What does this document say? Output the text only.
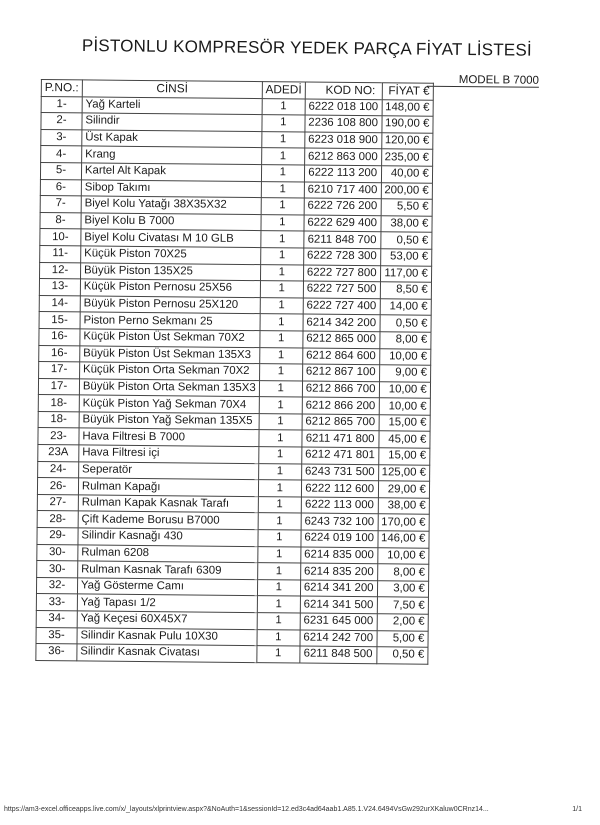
PİSTONLU KOMPRESÖR YEDEK PARÇA FİYAT LİSTESİ
MODEL B 7000
P.NO.:	CİNSİ	ADEDİ	KOD NO:	FİYAT €
1-	Yağ Karteli	1	6222 018 100	148,00 €
2-	Silindir	1	2236 108 800	190,00 €
3-	Üst Kapak	1	6223 018 900	120,00 €
4-	Krang	1	6212 863 000	235,00 €
5-	Kartel Alt Kapak	1	6222 113 200	40,00 €
6-	Sibop Takımı	1	6210 717 400	200,00 €
7-	Biyel Kolu Yatağı 38X35X32	1	6222 726 200	5,50 €
8-	Biyel Kolu B 7000	1	6222 629 400	38,00 €
10-	Biyel Kolu Civatası M 10 GLB	1	6211 848 700	0,50 €
11-	Küçük Piston 70X25	1	6222 728 300	53,00 €
12-	Büyük Piston 135X25	1	6222 727 800	117,00 €
13-	Küçük Piston Pernosu 25X56	1	6222 727 500	8,50 €
14-	Büyük Piston Pernosu 25X120	1	6222 727 400	14,00 €
15-	Piston Perno Sekmanı 25	1	6214 342 200	0,50 €
16-	Küçük Piston Üst Sekman 70X2	1	6212 865 000	8,00 €
16-	Büyük Piston Üst Sekman 135X3	1	6212 864 600	10,00 €
17-	Küçük Piston Orta Sekman 70X2	1	6212 867 100	9,00 €
17-	Büyük Piston Orta Sekman 135X3	1	6212 866 700	10,00 €
18-	Küçük Piston Yağ Sekman 70X4	1	6212 866 200	10,00 €
18-	Büyük Piston Yağ Sekman 135X5	1	6212 865 700	15,00 €
23-	Hava Filtresi B 7000	1	6211 471 800	45,00 €
23A	Hava Filtresi içi	1	6212 471 801	15,00 €
24-	Seperatör	1	6243 731 500	125,00 €
26-	Rulman Kapağı	1	6222 112 600	29,00 €
27-	Rulman Kapak Kasnak Tarafı	1	6222 113 000	38,00 €
28-	Çift Kademe Borusu B7000	1	6243 732 100	170,00 €
29-	Silindir Kasnağı 430	1	6224 019 100	146,00 €
30-	Rulman 6208	1	6214 835 000	10,00 €
30-	Rulman Kasnak Tarafı 6309	1	6214 835 200	8,00 €
32-	Yağ Gösterme Camı	1	6214 341 200	3,00 €
33-	Yağ Tapası 1/2	1	6214 341 500	7,50 €
34-	Yağ Keçesi 60X45X7	1	6231 645 000	2,00 €
35-	Silindir Kasnak Pulu 10X30	1	6214 242 700	5,00 €
36-	Silindir Kasnak Civatası	1	6211 848 500	0,50 €
https://am3-excel.officeapps.live.com/x/_layouts/xlprintview.aspx?&NoAuth=1&sessionId=12.ed3c4ad64aab1.A85.1.V24.6494VsGw292urXKaluw0CRnz14...	1/1
